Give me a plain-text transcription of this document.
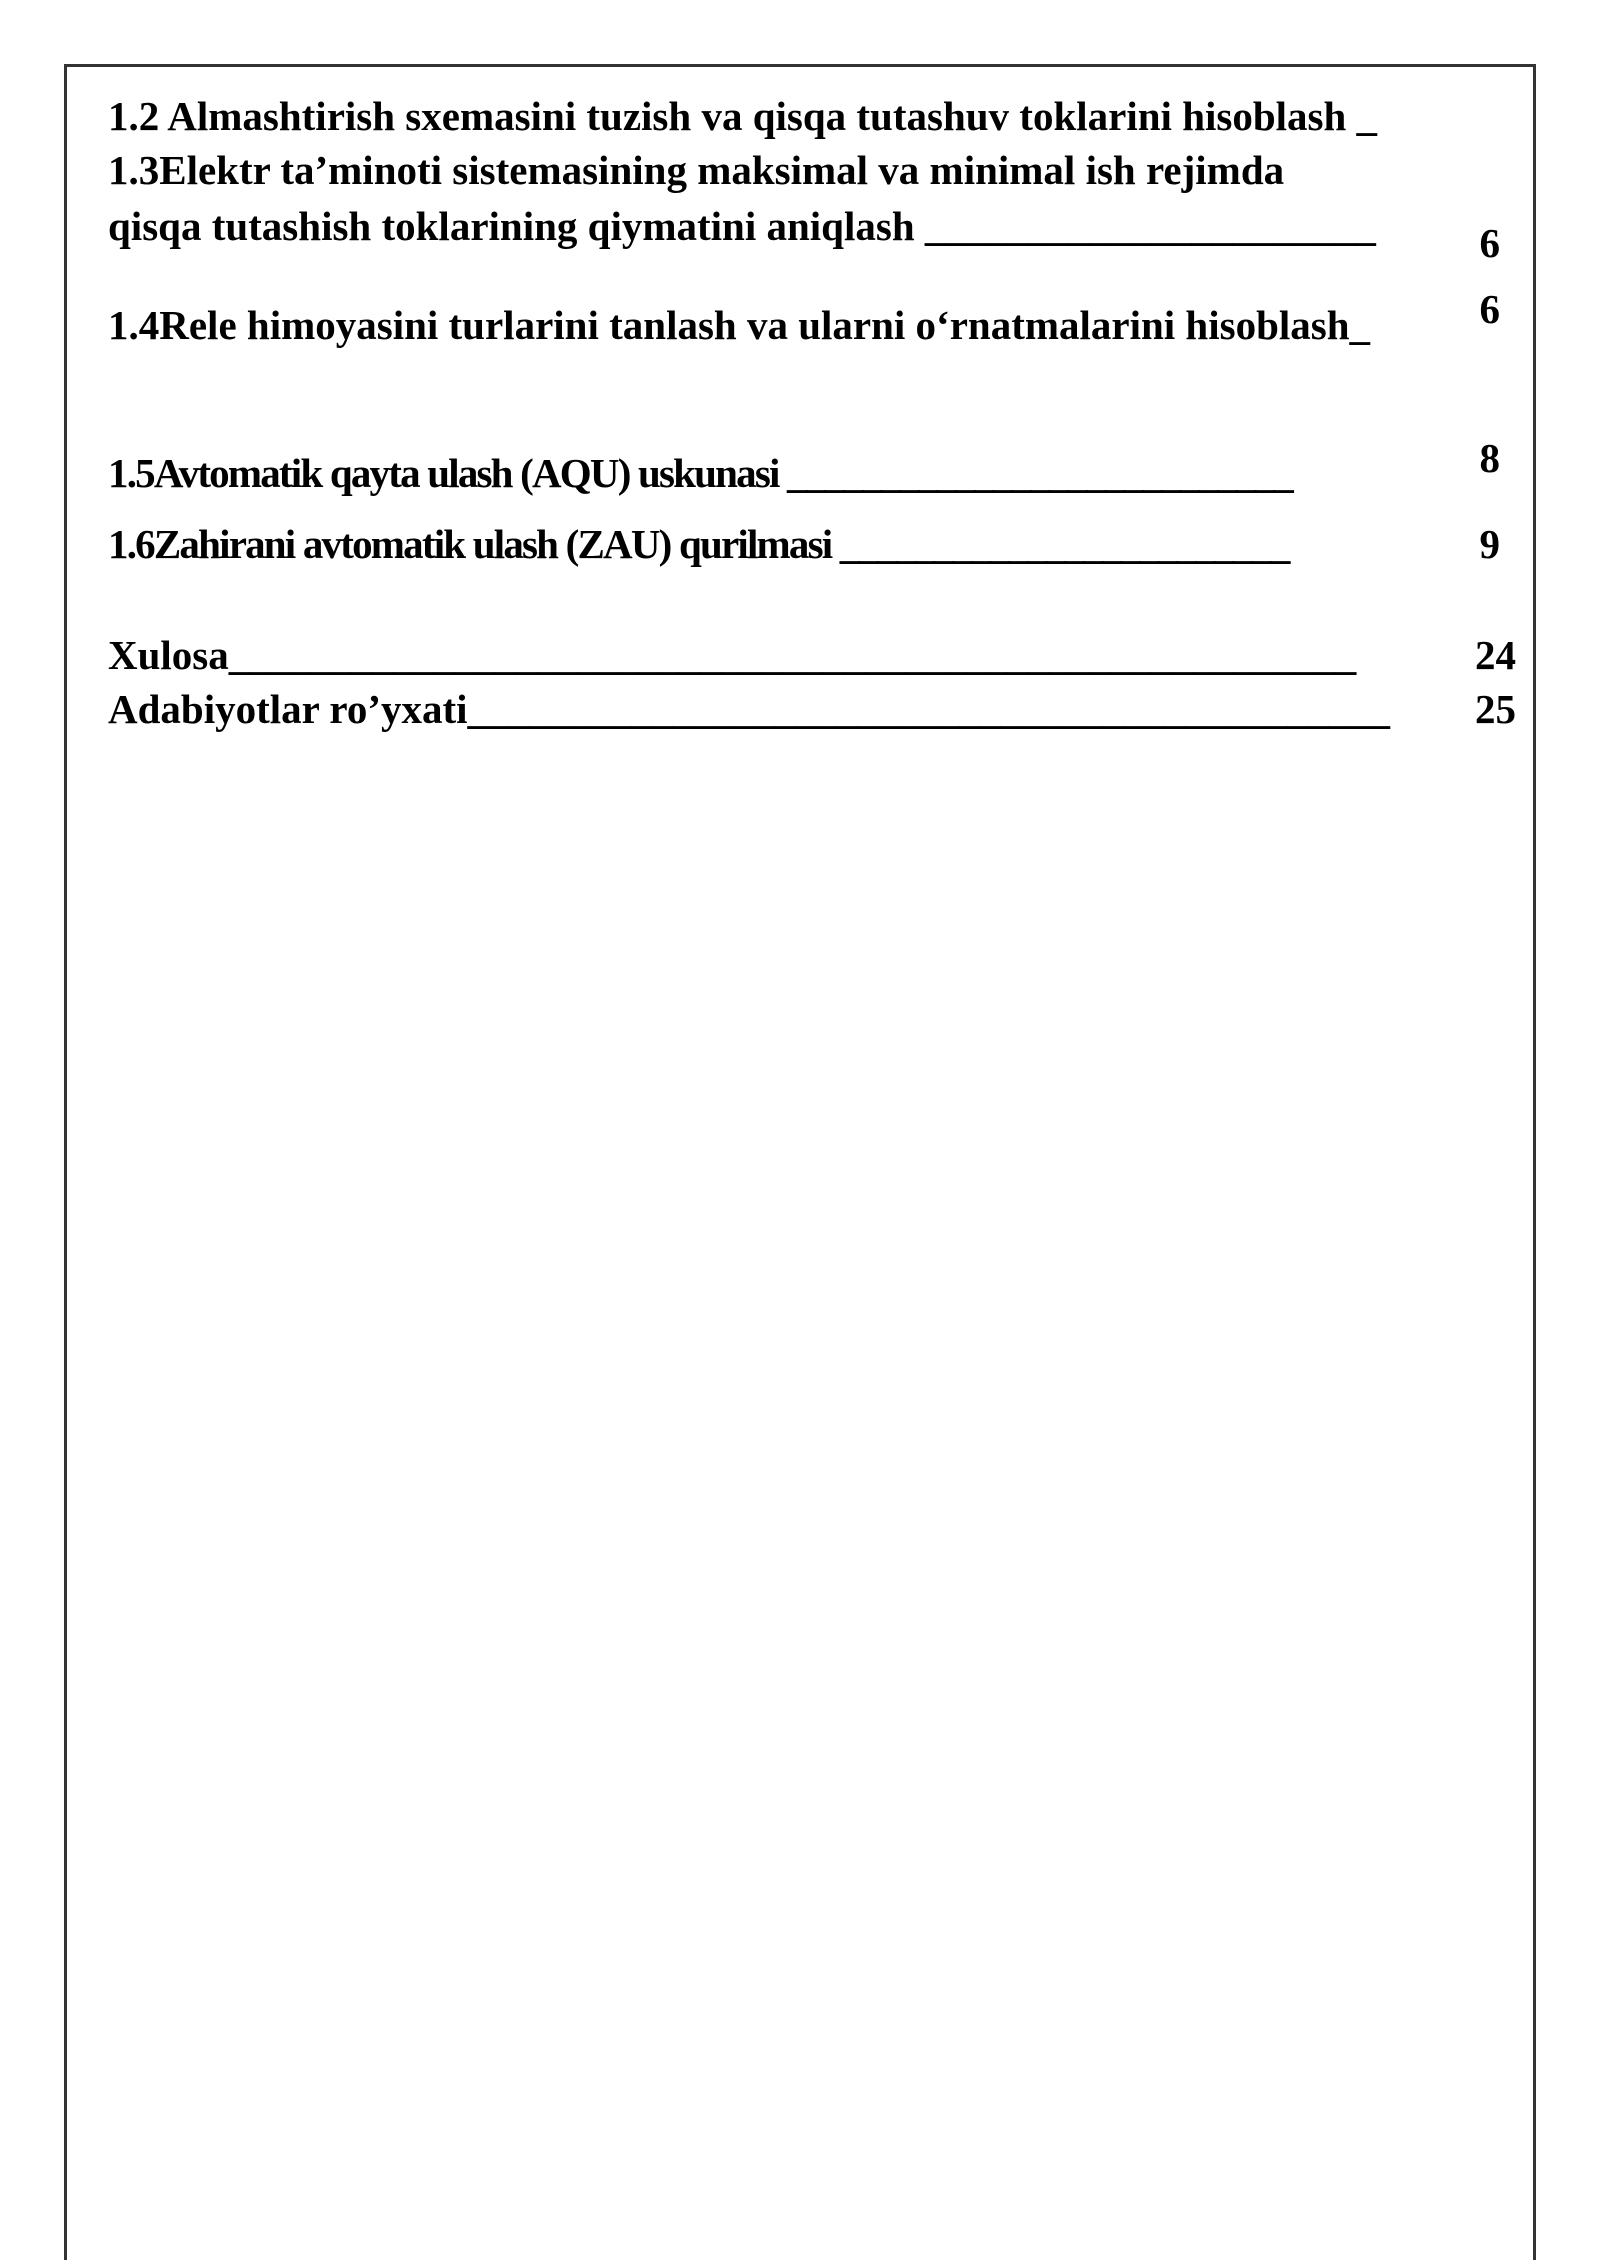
1.2 Almashtirish sxemasini tuzish va qisqa tutashuv toklarini hisoblash _
1.3Elektr ta’minoti sistemasining maksimal va minimal ish rejimda
qisqa tutashish toklarining qiymatini aniqlash ______________________	6
1.4Rele himoyasini turlarini tanlash va ularni o‘rnatmalarini hisoblash_	6
1.5Avtomatik qayta ulash (AQU) uskunasi ___________________________	8
1.6Zahirani avtomatik ulash (ZAU) qurilmasi ________________________	9
Xulosa_______________________________________________________	24
Adabiyotlar ro’yxati_____________________________________________ 25
